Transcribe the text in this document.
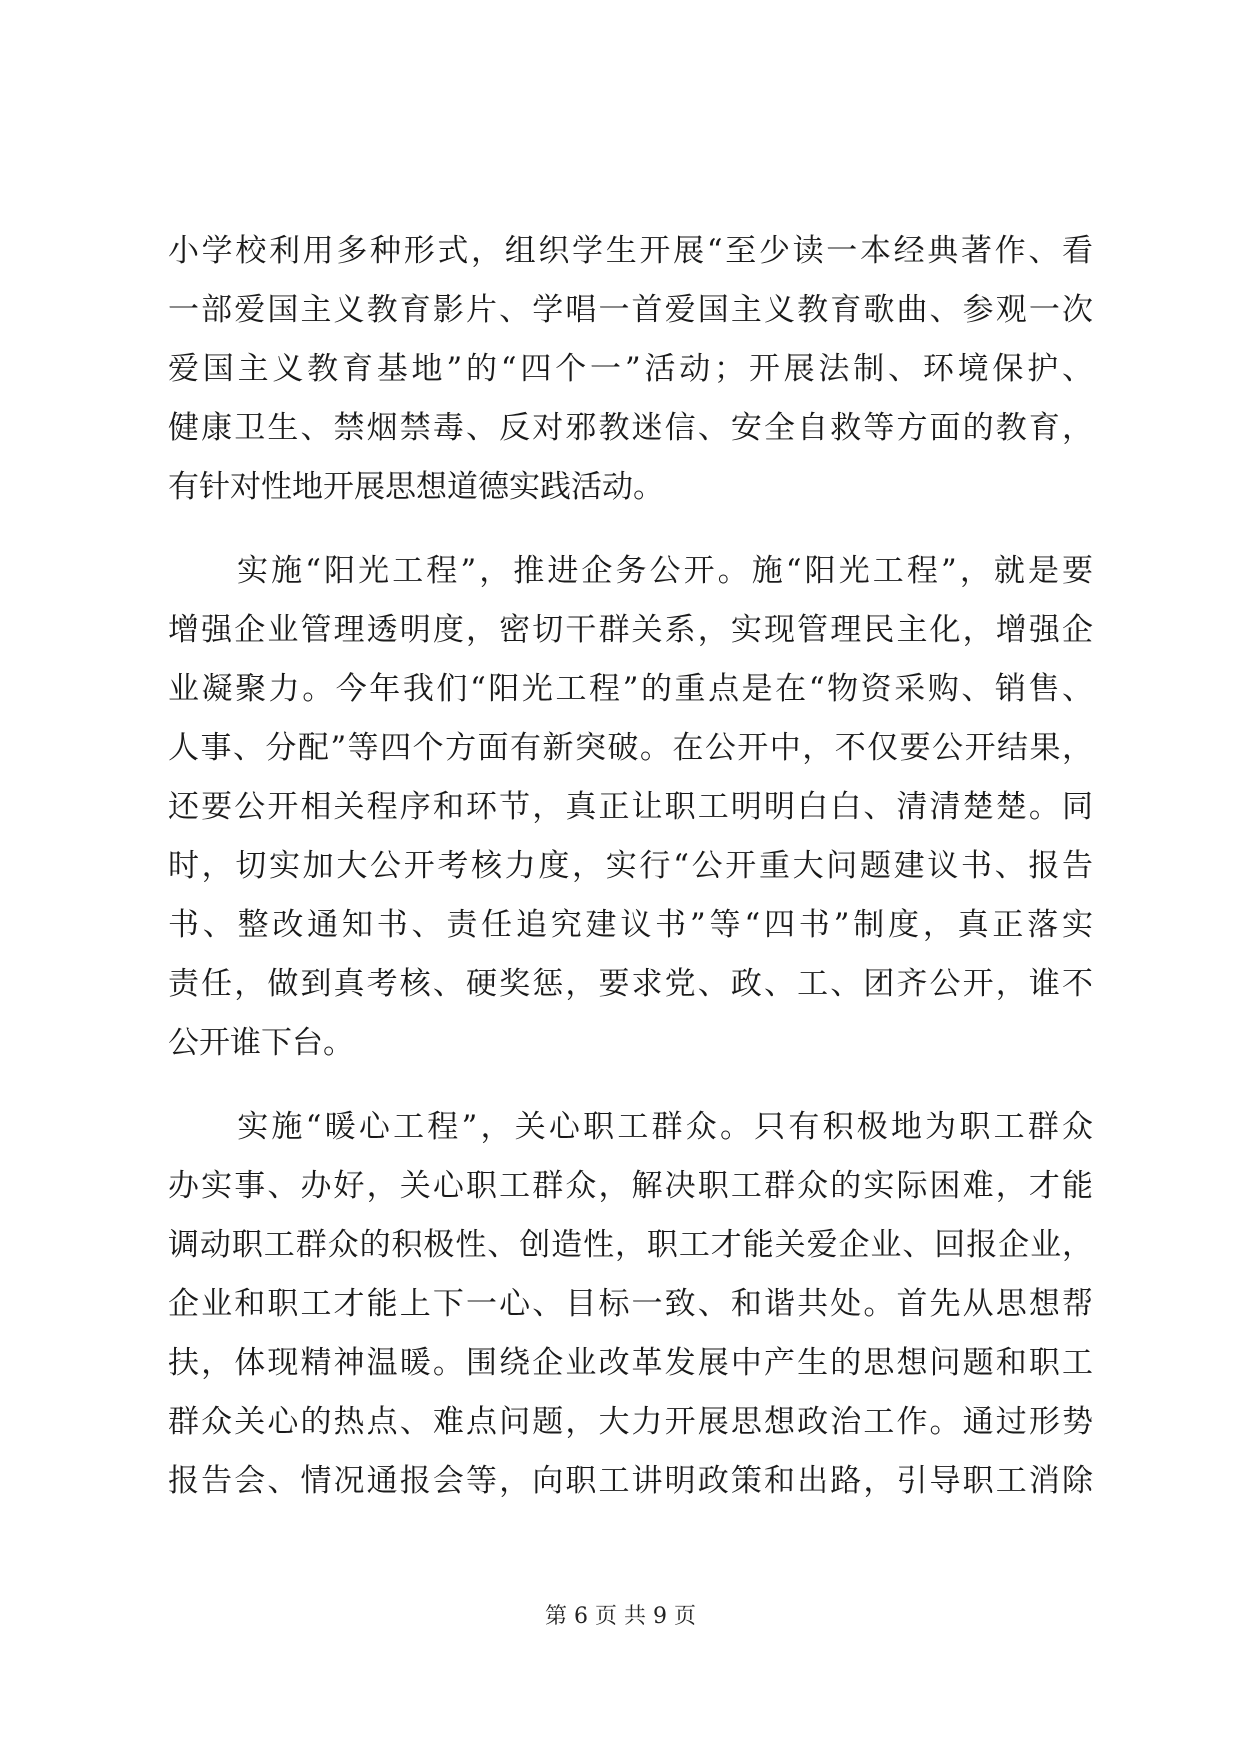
小学校利用多种形式，组织学生开展“至少读一本经典著作、看
一部爱国主义教育影片、学唱一首爱国主义教育歌曲、参观一次
爱国主义教育基地”的“四个一”活动；开展法制、环境保护、
健康卫生、禁烟禁毒、反对邪教迷信、安全自救等方面的教育，
有针对性地开展思想道德实践活动。
实施“阳光工程”，推进企务公开。施“阳光工程”，就是要
增强企业管理透明度，密切干群关系，实现管理民主化，增强企
业凝聚力。今年我们“阳光工程”的重点是在“物资采购、销售、
人事、分配”等四个方面有新突破。在公开中，不仅要公开结果，
还要公开相关程序和环节，真正让职工明明白白、清清楚楚。同
时，切实加大公开考核力度，实行“公开重大问题建议书、报告
书、整改通知书、责任追究建议书”等“四书”制度，真正落实
责任，做到真考核、硬奖惩，要求党、政、工、团齐公开，谁不
公开谁下台。
实施“暖心工程”，关心职工群众。只有积极地为职工群众
办实事、办好，关心职工群众，解决职工群众的实际困难，才能
调动职工群众的积极性、创造性，职工才能关爱企业、回报企业，
企业和职工才能上下一心、目标一致、和谐共处。首先从思想帮
扶，体现精神温暖。围绕企业改革发展中产生的思想问题和职工
群众关心的热点、难点问题，大力开展思想政治工作。通过形势
报告会、情况通报会等，向职工讲明政策和出路，引导职工消除
第 6 页 共 9 页
